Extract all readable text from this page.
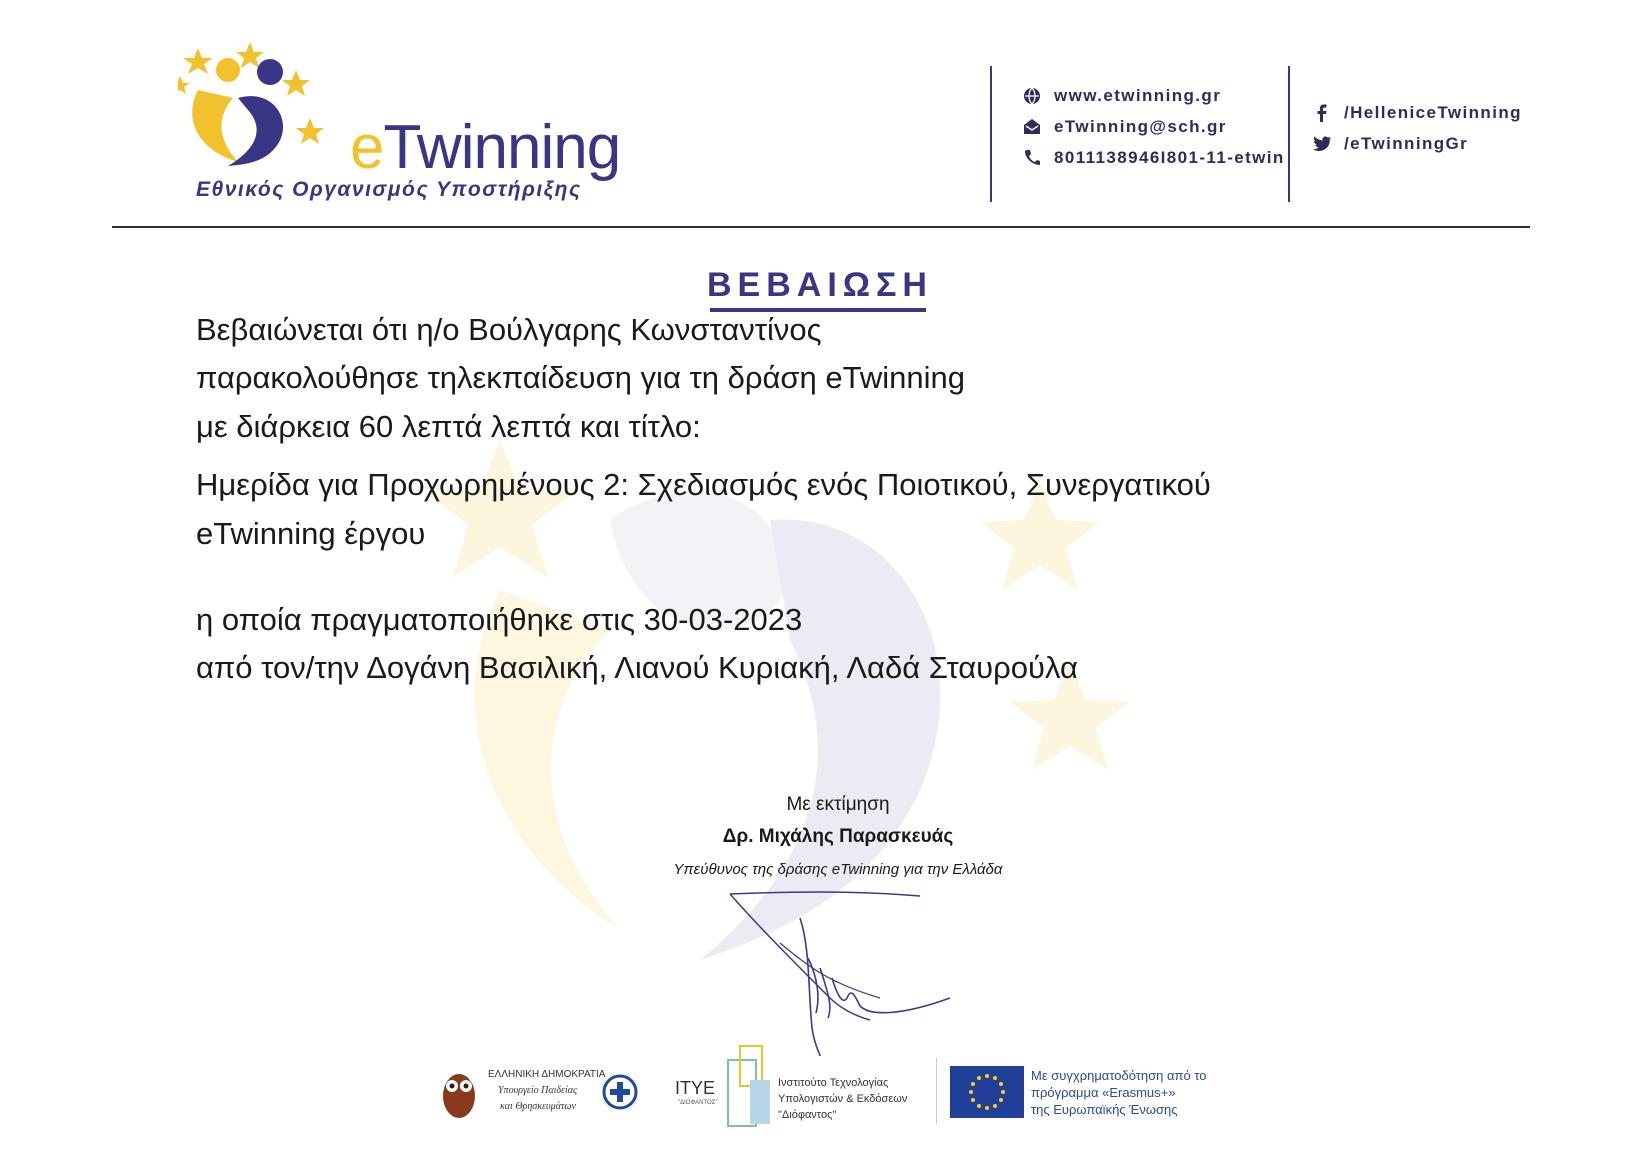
eTwinning
Εθνικός Οργανισμός Υποστήριξης
www.etwinning.gr
eTwinning@sch.gr
8011138946I801-11-etwin
/HelleniceTwinning
/eTwinningGr
ΒΕΒΑΙΩΣΗ
Βεβαιώνεται ότι η/ο Βούλγαρης Κωνσταντίνος
παρακολούθησε τηλεκπαίδευση για τη δράση eTwinning
με διάρκεια 60 λεπτά λεπτά και τίτλο:
Ημερίδα για Προχωρημένους 2: Σχεδιασμός ενός Ποιοτικού, Συνεργατικού
eTwinning έργου
η οποία πραγματοποιήθηκε στις 30-03-2023
από τον/την Δογάνη Βασιλική, Λιανού Κυριακή, Λαδά Σταυρούλα
Με εκτίμηση
Δρ. Μιχάλης Παρασκευάς
Υπεύθυνος της δράσης eTwinning για την Ελλάδα
ΕΛΛΗΝΙΚΗ ΔΗΜΟΚΡΑΤΙΑ
Υπουργείο Παιδείας
και Θρησκευμάτων
ΙΤΥΕ
"ΔΙΟΦΑΝΤΟΣ"
Ινστιτούτο Τεχνολογίας
Υπολογιστών & Εκδόσεων
"Διόφαντος"
Με συγχρηματοδότηση από το
πρόγραμμα «Erasmus+»
της Ευρωπαϊκής Ένωσης
